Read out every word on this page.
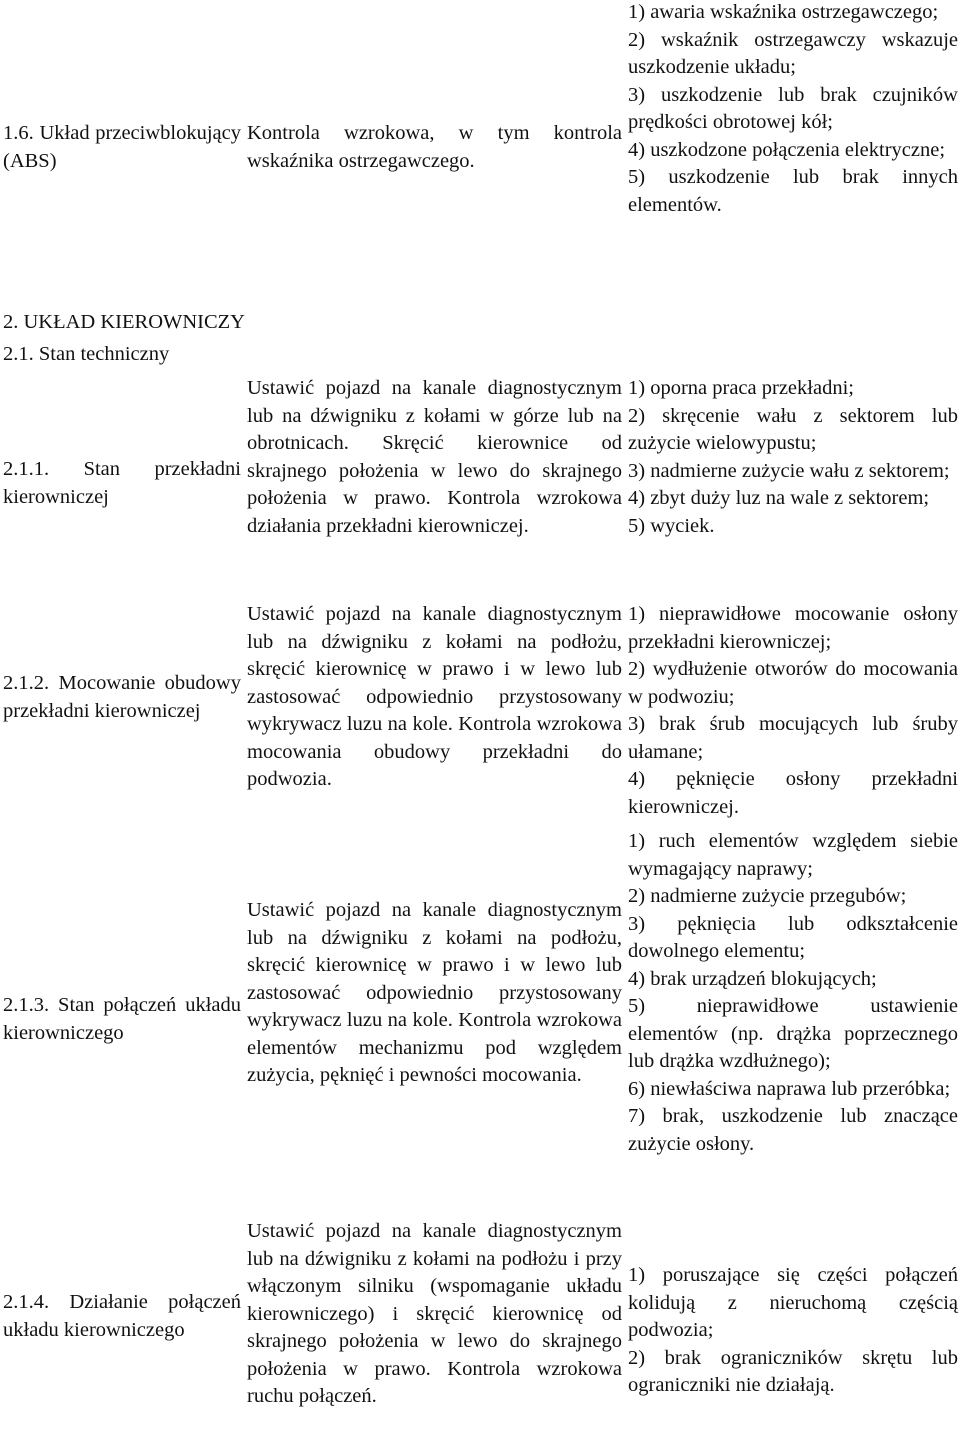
1.6. Układ przeciwblokujący (ABS)
Kontrola wzrokowa, w tym kontrola wskaźnika ostrzegawczego.
1) awaria wskaźnika ostrzegawczego;
2) wskaźnik ostrzegawczy wskazuje uszkodzenie układu;
3) uszkodzenie lub brak czujników prędkości obrotowej kół;
4) uszkodzone połączenia elektryczne;
5) uszkodzenie lub brak innych elementów.
2. UKŁAD KIEROWNICZY
2.1. Stan techniczny
2.1.1. Stan przekładni kierowniczej
Ustawić pojazd na kanale diagnostycznym lub na dźwigniku z kołami w górze lub na obrotnicach. Skręcić kierownice od skrajnego położenia w lewo do skrajnego położenia w prawo. Kontrola wzrokowa działania przekładni kierowniczej.
1) oporna praca przekładni;
2) skręcenie wału z sektorem lub zużycie wielowypustu;
3) nadmierne zużycie wału z sektorem;
4) zbyt duży luz na wale z sektorem;
5) wyciek.
2.1.2. Mocowanie obudowy przekładni kierowniczej
Ustawić pojazd na kanale diagnostycznym lub na dźwigniku z kołami na podłożu, skręcić kierownicę w prawo i w lewo lub zastosować odpowiednio przystosowany wykrywacz luzu na kole. Kontrola wzrokowa mocowania obudowy przekładni do podwozia.
1) nieprawidłowe mocowanie osłony przekładni kierowniczej;
2) wydłużenie otworów do mocowania w podwoziu;
3) brak śrub mocujących lub śruby ułamane;
4) pęknięcie osłony przekładni kierowniczej.
2.1.3. Stan połączeń układu kierowniczego
Ustawić pojazd na kanale diagnostycznym lub na dźwigniku z kołami na podłożu, skręcić kierownicę w prawo i w lewo lub zastosować odpowiednio przystosowany wykrywacz luzu na kole. Kontrola wzrokowa elementów mechanizmu pod względem zużycia, pęknięć i pewności mocowania.
1) ruch elementów względem siebie wymagający naprawy;
2) nadmierne zużycie przegubów;
3) pęknięcia lub odkształcenie dowolnego elementu;
4) brak urządzeń blokujących;
5) nieprawidłowe ustawienie elementów (np. drążka poprzecznego lub drążka wzdłużnego);
6) niewłaściwa naprawa lub przeróbka;
7) brak, uszkodzenie lub znaczące zużycie osłony.
2.1.4. Działanie połączeń układu kierowniczego
Ustawić pojazd na kanale diagnostycznym lub na dźwigniku z kołami na podłożu i przy włączonym silniku (wspomaganie układu kierowniczego) i skręcić kierownicę od skrajnego położenia w lewo do skrajnego położenia w prawo. Kontrola wzrokowa ruchu połączeń.
1) poruszające się części połączeń kolidują z nieruchomą częścią podwozia;
2) brak ograniczników skrętu lub ograniczniki nie działają.
